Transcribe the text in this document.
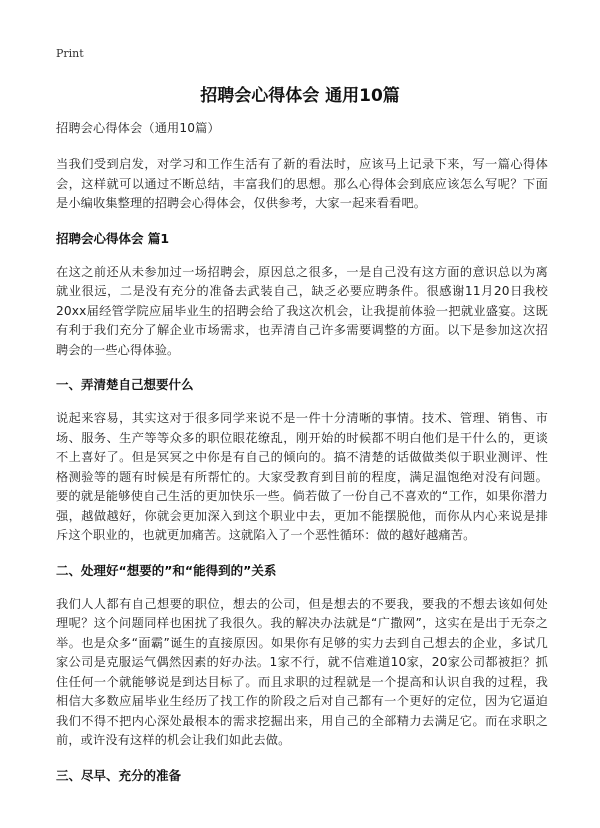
Print
招聘会心得体会 通用10篇

招聘会心得体会（通用10篇）

当我们受到启发，对学习和工作生活有了新的看法时，应该马上记录下来，写一篇心得体会，这样就可以通过不断总结，丰富我们的思想。那么心得体会到底应该怎么写呢？下面是小编收集整理的招聘会心得体会，仅供参考，大家一起来看看吧。

招聘会心得体会 篇1

在这之前还从未参加过一场招聘会，原因总之很多，一是自己没有这方面的意识总以为离就业很远，二是没有充分的准备去武装自己，缺乏必要应聘条件。很感谢11月20日我校20xx届经管学院应届毕业生的招聘会给了我这次机会，让我提前体验一把就业盛宴。这既有利于我们充分了解企业市场需求，也弄清自己许多需要调整的方面。以下是参加这次招聘会的一些心得体验。

一、弄清楚自己想要什么

说起来容易，其实这对于很多同学来说不是一件十分清晰的事情。技术、管理、销售、市场、服务、生产等等众多的职位眼花缭乱，刚开始的时候都不明白他们是干什么的，更谈不上喜好了。但是冥冥之中你是有自己的倾向的。搞不清楚的话做做类似于职业测评、性格测验等的题有时候是有所帮忙的。大家受教育到目前的程度，满足温饱绝对没有问题。要的就是能够使自己生活的更加快乐一些。倘若做了一份自己不喜欢的“工作，如果你潜力强，越做越好，你就会更加深入到这个职业中去，更加不能摆脱他，而你从内心来说是排斥这个职业的，也就更加痛苦。这就陷入了一个恶性循环：做的越好越痛苦。

二、处理好“想要的”和“能得到的”关系

我们人人都有自己想要的职位，想去的公司，但是想去的不要我，要我的不想去该如何处理呢？这个问题同样也困扰了我很久。我的解决办法就是“广撒网”，这实在是出于无奈之举。也是众多“面霸”诞生的直接原因。如果你有足够的实力去到自己想去的企业，多试几家公司是克服运气偶然因素的好办法。1家不行，就不信难道10家，20家公司都被拒？抓住任何一个就能够说是到达目标了。而且求职的过程就是一个提高和认识自我的过程，我相信大多数应届毕业生经历了找工作的阶段之后对自己都有一个更好的定位，因为它逼迫我们不得不把内心深处最根本的需求挖掘出来，用自己的全部精力去满足它。而在求职之前，或许没有这样的机会让我们如此去做。

三、尽早、充分的准备
